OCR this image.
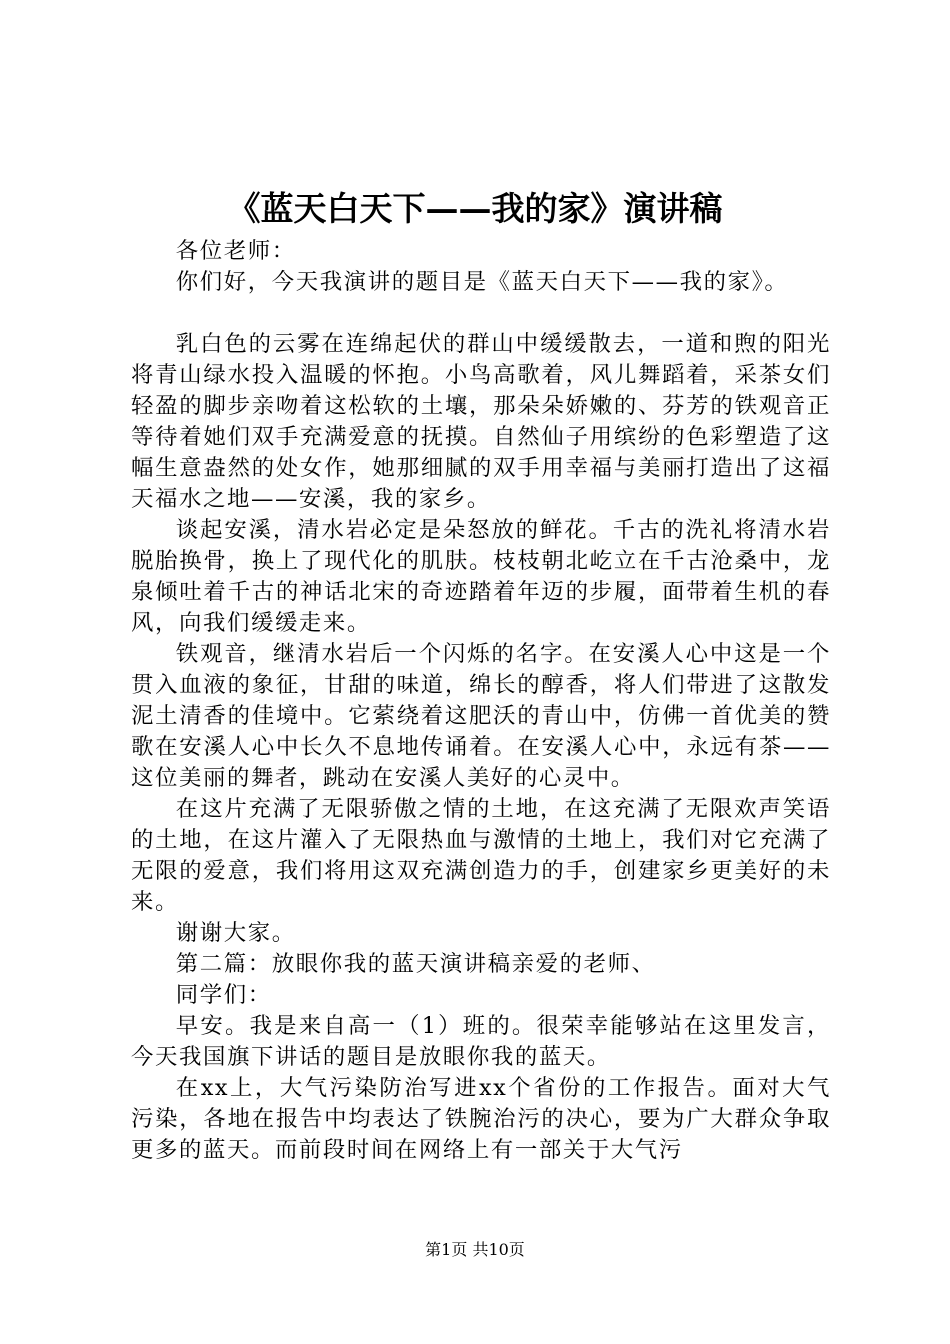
《蓝天白天下——我的家》演讲稿

各位老师：

你们好，今天我演讲的题目是《蓝天白天下——我的家》。

乳白色的云雾在连绵起伏的群山中缓缓散去，一道和煦的阳光将青山绿水投入温暖的怀抱。小鸟高歌着，风儿舞蹈着，采茶女们轻盈的脚步亲吻着这松软的土壤，那朵朵娇嫩的、芬芳的铁观音正等待着她们双手充满爱意的抚摸。自然仙子用缤纷的色彩塑造了这幅生意盎然的处女作，她那细腻的双手用幸福与美丽打造出了这福天福水之地——安溪，我的家乡。

谈起安溪，清水岩必定是朵怒放的鲜花。千古的洗礼将清水岩脱胎换骨，换上了现代化的肌肤。枝枝朝北屹立在千古沧桑中，龙泉倾吐着千古的神话北宋的奇迹踏着年迈的步履，面带着生机的春风，向我们缓缓走来。

铁观音，继清水岩后一个闪烁的名字。在安溪人心中这是一个贯入血液的象征，甘甜的味道，绵长的醇香，将人们带进了这散发泥土清香的佳境中。它萦绕着这肥沃的青山中，仿佛一首优美的赞歌在安溪人心中长久不息地传诵着。在安溪人心中，永远有茶——这位美丽的舞者，跳动在安溪人美好的心灵中。

在这片充满了无限骄傲之情的土地，在这充满了无限欢声笑语的土地，在这片灌入了无限热血与激情的土地上，我们对它充满了无限的爱意，我们将用这双充满创造力的手，创建家乡更美好的未来。

谢谢大家。

第二篇：放眼你我的蓝天演讲稿亲爱的老师、

同学们：

早安。我是来自高一（1）班的。很荣幸能够站在这里发言，今天我国旗下讲话的题目是放眼你我的蓝天。

在xx上，大气污染防治写进xx个省份的工作报告。面对大气污染，各地在报告中均表达了铁腕治污的决心，要为广大群众争取更多的蓝天。而前段时间在网络上有一部关于大气污

第1页 共10页
